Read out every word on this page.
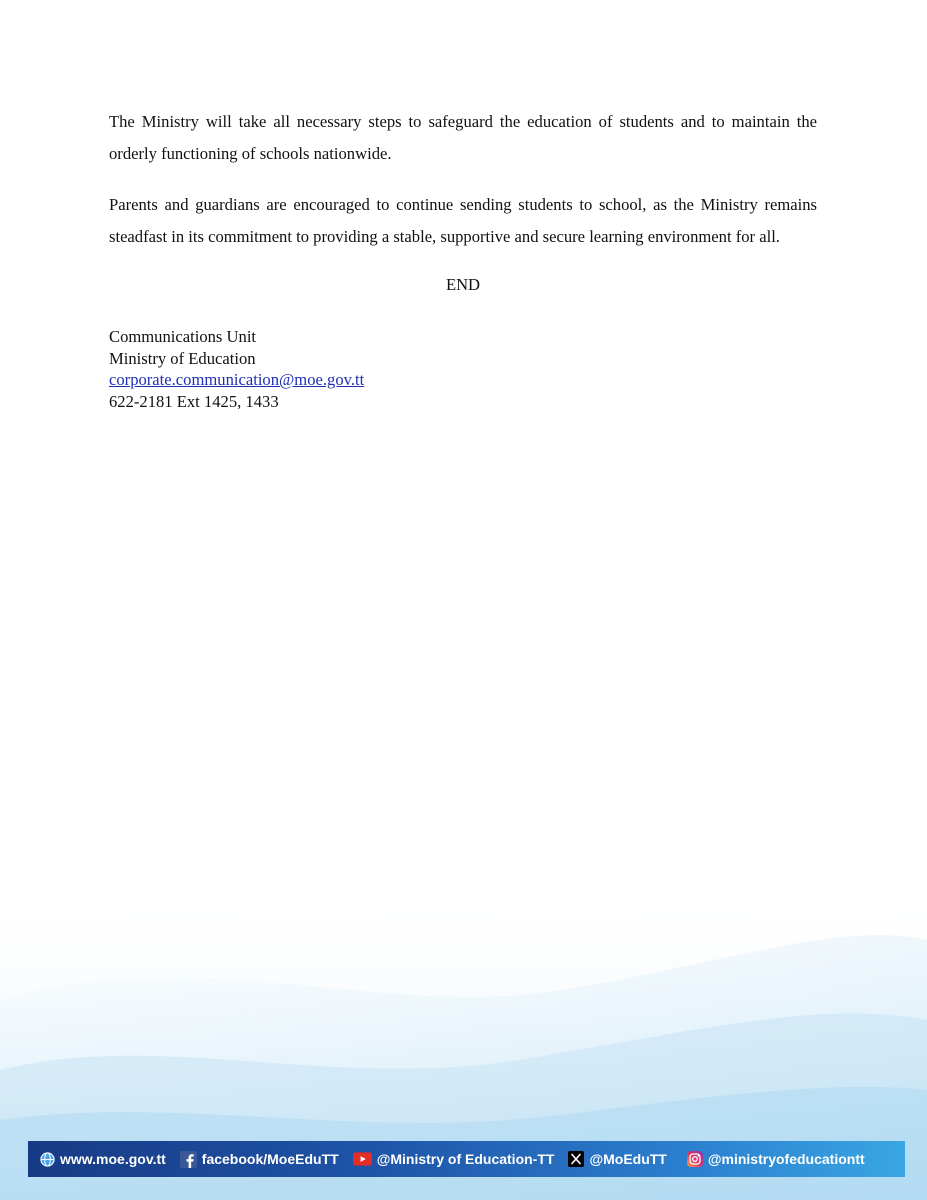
The Ministry will take all necessary steps to safeguard the education of students and to maintain the orderly functioning of schools nationwide.

Parents and guardians are encouraged to continue sending students to school, as the Ministry remains steadfast in its commitment to providing a stable, supportive and secure learning environment for all.

END

Communications Unit
Ministry of Education
corporate.communication@moe.gov.tt
622-2181 Ext 1425, 1433
www.moe.gov.tt	facebook/MoeEduTT	@Ministry of Education-TT	@MoEduTT	@ministryofeducationtt
